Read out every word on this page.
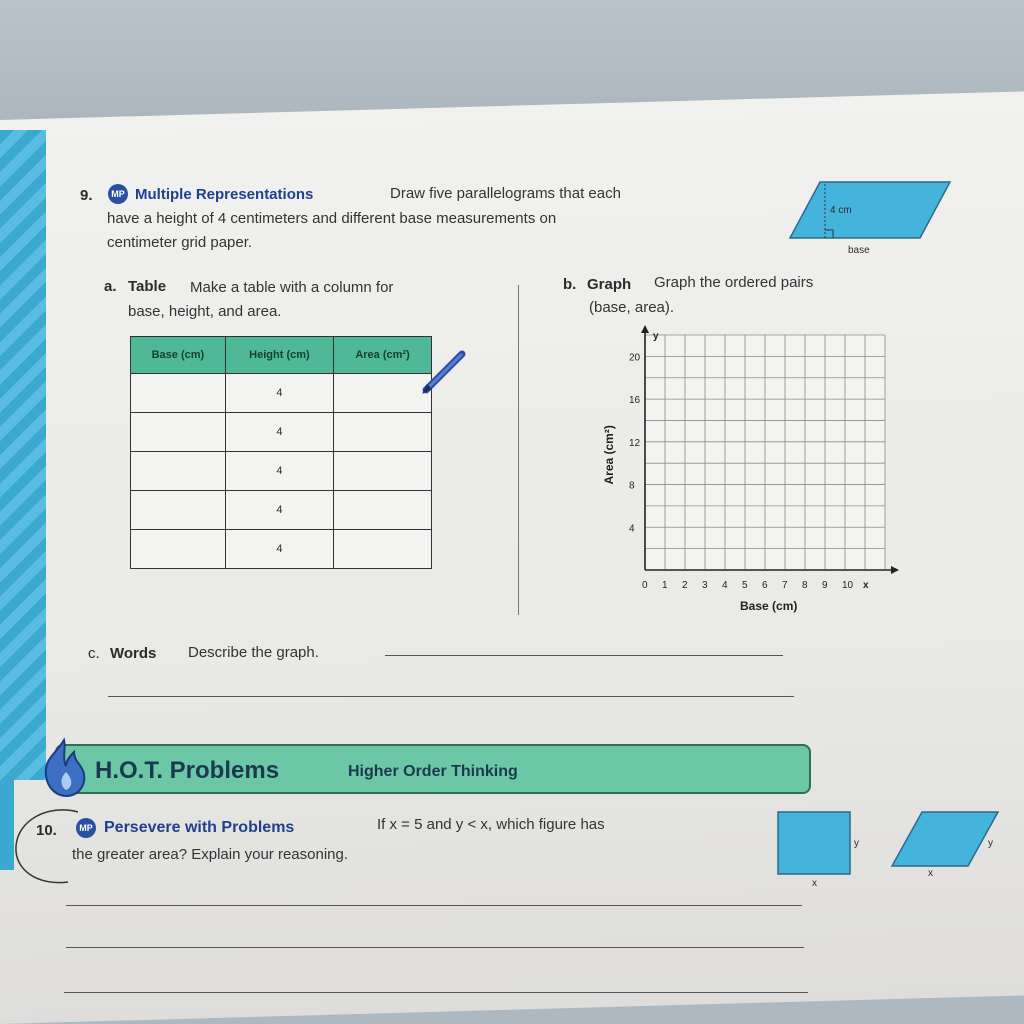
9.	MP Multiple Representations	Draw five parallelograms that each
have a height of 4 centimeters and different base measurements on
centimeter grid paper.
4 cm
base
a. Table Make a table with a column for
base, height, and area.
Base (cm)	Height (cm)	Area (cm²)
	4	
	4	
	4	
	4	
	4	
b. Graph Graph the ordered pairs
(base, area).
0 1 2 3 4 5 6 7 8 9 10 x
4
8
12
16
20
y
Base (cm)
Area (cm²)
c. Words Describe the graph.
H.O.T. Problems	Higher Order Thinking
10.	MP Persevere with Problems	If x = 5 and y < x, which figure has
the greater area? Explain your reasoning.
y
x
y
x
